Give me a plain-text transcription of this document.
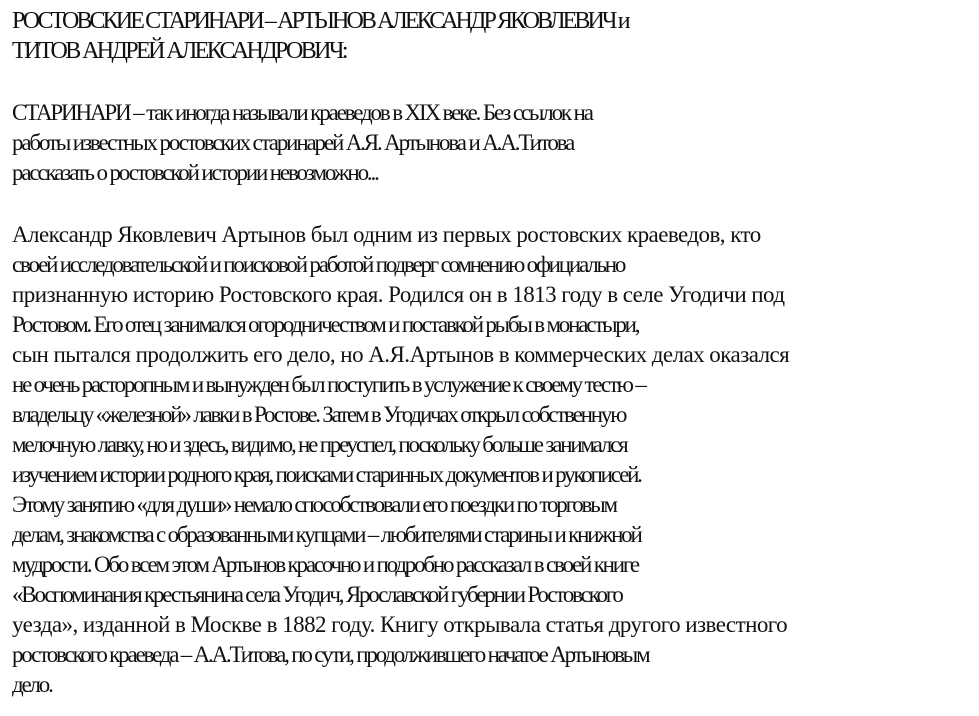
РОСТОВСКИЕ СТАРИНАРИ – АРТЫНОВ АЛЕКСАНДР ЯКОВЛЕВИЧ и
ТИТОВ АНДРЕЙ АЛЕКСАНДРОВИЧ:
СТАРИНАРИ – так иногда называли краеведов в XIX веке. Без ссылок на
работы известных ростовских старинарей А.Я. Артынова и А.А.Титова
рассказать о ростовской истории невозможно...
Александр Яковлевич Артынов был одним из первых ростовских краеведов, кто
своей исследовательской и поисковой работой подверг сомнению официально
признанную историю Ростовского края. Родился он в 1813 году в селе Угодичи под
Ростовом. Его отец занимался огородничеством и поставкой рыбы в монастыри,
сын пытался продолжить его дело, но А.Я.Артынов в коммерческих делах оказался
не очень расторопным и вынужден был поступить в услужение к своему тестю –
владельцу «железной» лавки в Ростове. Затем в Угодичах открыл собственную
мелочную лавку, но и здесь, видимо, не преуспел, поскольку больше занимался
изучением истории родного края, поисками старинных документов и рукописей.
Этому занятию «для души» немало способствовали его поездки по торговым
делам, знакомства с образованными купцами – любителями старины и книжной
мудрости. Обо всем этом Артынов красочно и подробно рассказал в своей книге
«Воспоминания крестьянина села Угодич, Ярославской губернии Ростовского
уезда», изданной в Москве в 1882 году. Книгу открывала статья другого известного
ростовского краеведа – А.А.Титова, по сути, продолжившего начатое Артыновым
дело.
